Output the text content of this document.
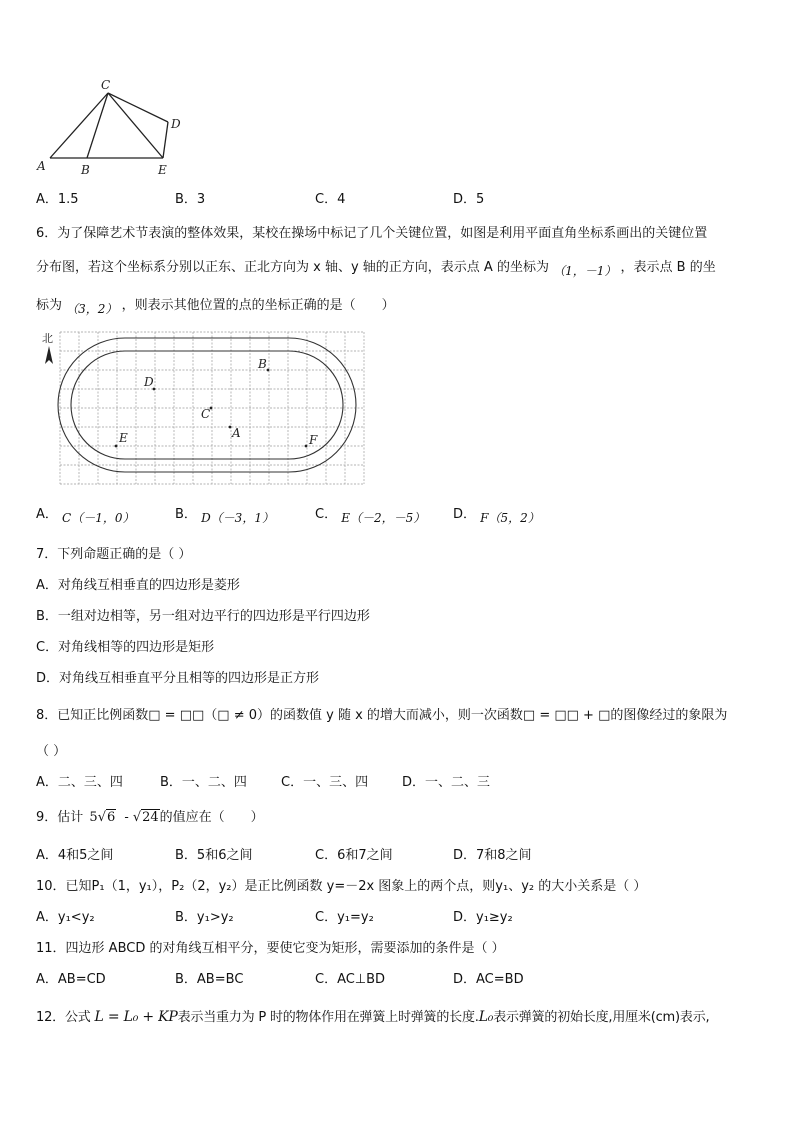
C
D
A	B	E
A．1.5	B．3	C．4	D．5
6．为了保障艺术节表演的整体效果，某校在操场中标记了几个关键位置，如图是利用平面直角坐标系画出的关键位置
分布图，若这个坐标系分别以正东、正北方向为 x 轴、y 轴的正方向，表示点 A 的坐标为 （1，－1） ，表示点 B 的坐
标为 （3，2） ，则表示其他位置的点的坐标正确的是（　　）
北
B
D
C
A
E	F
A． C（－1，0）	B． D（－3，1）	C． E（－2，－5） D． F（5，2）
7．下列命题正确的是（ ）
A．对角线互相垂直的四边形是菱形
B．一组对边相等，另一组对边平行的四边形是平行四边形
C．对角线相等的四边形是矩形
D．对角线互相垂直平分且相等的四边形是正方形
8．已知正比例函数□ = □□（□ ≠ 0）的函数值 y 随 x 的增大而减小，则一次函数□ = □□ + □的图像经过的象限为
（ ）
A．二、三、四	B．一、二、四	C．一、三、四	D．一、二、三
9．估计 5√6 - √24的值应在（　　）
A．4和5之间	B．5和6之间	C．6和7之间	D．7和8之间
10．已知P₁（1，y₁），P₂（2，y₂）是正比例函数 y=－2x 图象上的两个点，则y₁、y₂ 的大小关系是（ ）
A．y₁<y₂	B．y₁>y₂	C．y₁=y₂	D．y₁≥y₂
11．四边形 ABCD 的对角线互相平分，要使它变为矩形，需要添加的条件是（ ）
A．AB=CD	B．AB=BC	C．AC⊥BD	D．AC=BD
12．公式 L = L₀ + KP表示当重力为 P 时的物体作用在弹簧上时弹簧的长度.L₀表示弹簧的初始长度,用厘米(cm)表示,
